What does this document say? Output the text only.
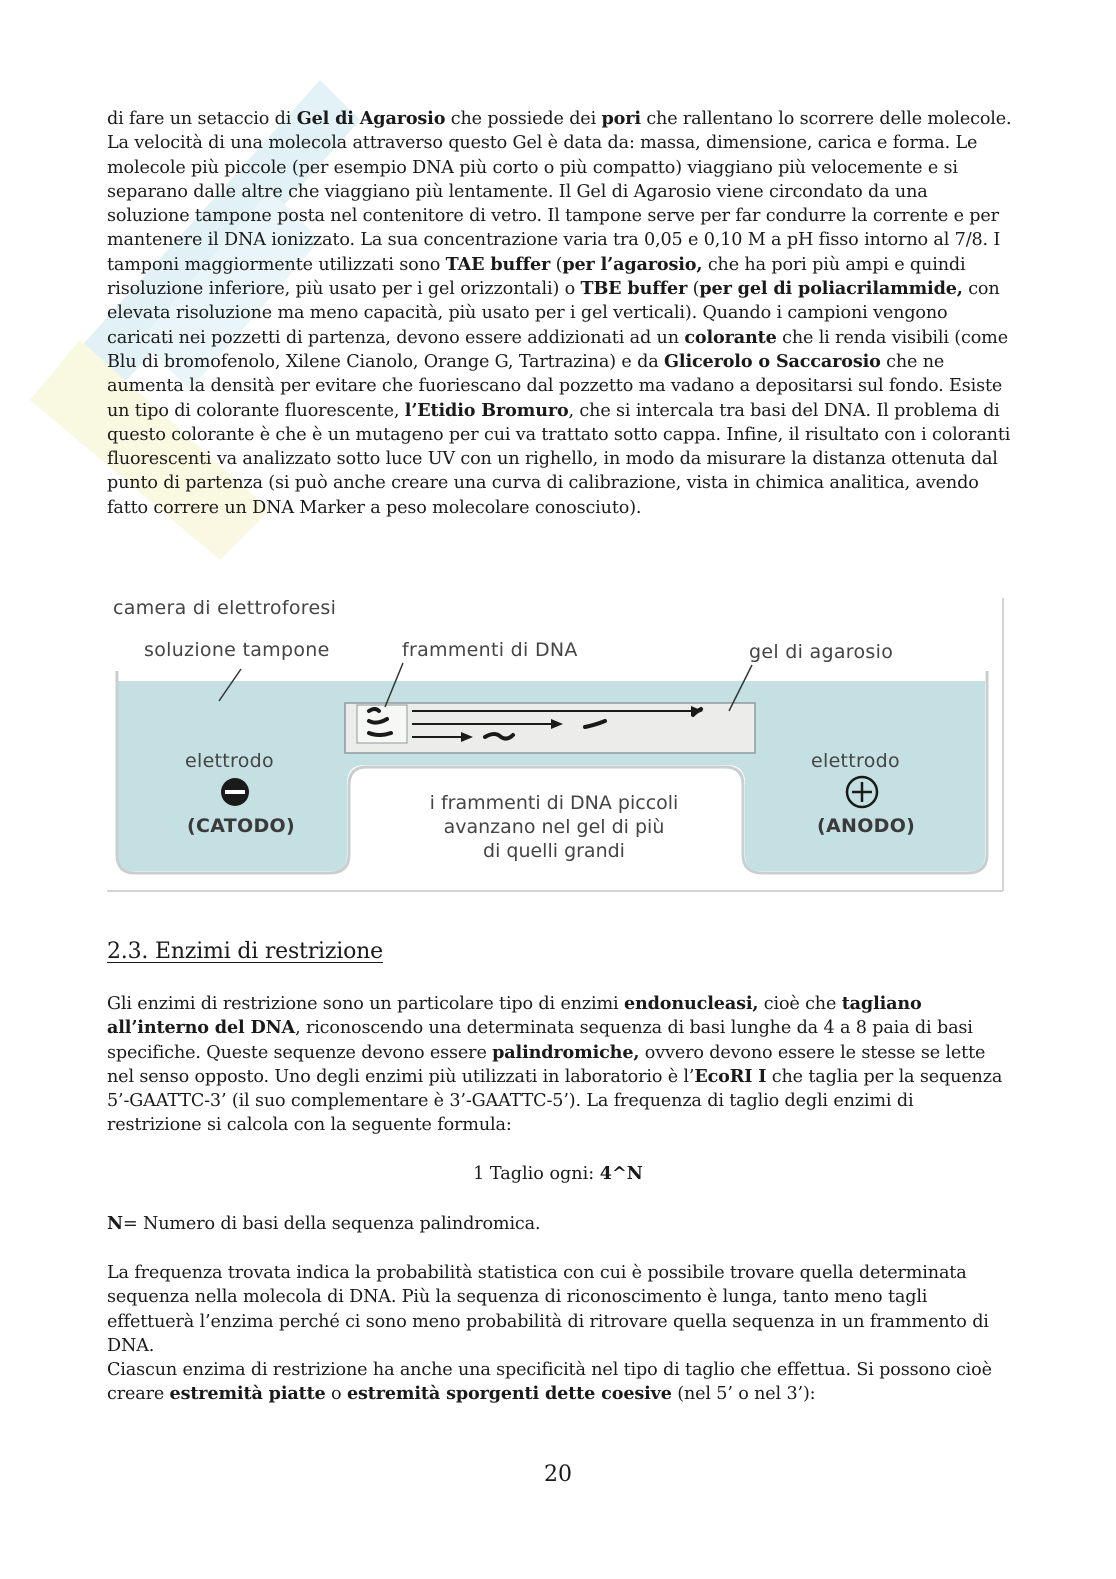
di fare un setaccio di Gel di Agarosio che possiede dei pori che rallentano lo scorrere delle molecole. La velocità di una molecola attraverso questo Gel è data da: massa, dimensione, carica e forma. Le molecole più piccole (per esempio DNA più corto o più compatto) viaggiano più velocemente e si separano dalle altre che viaggiano più lentamente. Il Gel di Agarosio viene circondato da una soluzione tampone posta nel contenitore di vetro. Il tampone serve per far condurre la corrente e per mantenere il DNA ionizzato. La sua concentrazione varia tra 0,05 e 0,10 M a pH fisso intorno al 7/8. I tamponi maggiormente utilizzati sono TAE buffer (per l’agarosio, che ha pori più ampi e quindi risoluzione inferiore, più usato per i gel orizzontali) o TBE buffer (per gel di poliacrilammide, con elevata risoluzione ma meno capacità, più usato per i gel verticali). Quando i campioni vengono caricati nei pozzetti di partenza, devono essere addizionati ad un colorante che li renda visibili (come Blu di bromofenolo, Xilene Cianolo, Orange G, Tartrazina) e da Glicerolo o Saccarosio che ne aumenta la densità per evitare che fuoriescano dal pozzetto ma vadano a depositarsi sul fondo. Esiste un tipo di colorante fluorescente, l’Etidio Bromuro, che si intercala tra basi del DNA. Il problema di questo colorante è che è un mutageno per cui va trattato sotto cappa. Infine, il risultato con i coloranti fluorescenti va analizzato sotto luce UV con un righello, in modo da misurare la distanza ottenuta dal punto di partenza (si può anche creare una curva di calibrazione, vista in chimica analitica, avendo fatto correre un DNA Marker a peso molecolare conosciuto).

camera di elettroforesi
soluzione tampone	frammenti di DNA	gel di agarosio
elettrodo
(CATODO)
elettrodo
(ANODO)
i frammenti di DNA piccoli
avanzano nel gel di più
di quelli grandi
2.3. Enzimi di restrizione

Gli enzimi di restrizione sono un particolare tipo di enzimi endonucleasi, cioè che tagliano all’interno del DNA, riconoscendo una determinata sequenza di basi lunghe da 4 a 8 paia di basi specifiche. Queste sequenze devono essere palindromiche, ovvero devono essere le stesse se lette nel senso opposto. Uno degli enzimi più utilizzati in laboratorio è l’EcoRI I che taglia per la sequenza 5’-GAATTC-3’ (il suo complementare è 3’-GAATTC-5’). La frequenza di taglio degli enzimi di restrizione si calcola con la seguente formula:

1 Taglio ogni: 4^N

N= Numero di basi della sequenza palindromica.

La frequenza trovata indica la probabilità statistica con cui è possibile trovare quella determinata sequenza nella molecola di DNA. Più la sequenza di riconoscimento è lunga, tanto meno tagli effettuerà l’enzima perché ci sono meno probabilità di ritrovare quella sequenza in un frammento di DNA.

Ciascun enzima di restrizione ha anche una specificità nel tipo di taglio che effettua. Si possono cioè creare estremità piatte o estremità sporgenti dette coesive (nel 5’ o nel 3’):

20
